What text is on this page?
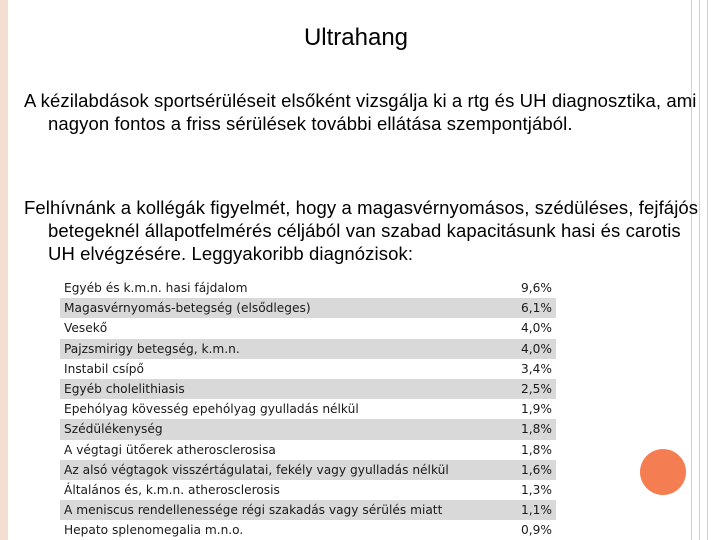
Ultrahang
A kézilabdások sportsérüléseit elsőként vizsgálja ki a rtg és UH diagnosztika, ami nagyon fontos a friss sérülések további ellátása szempontjából.
Felhívnánk a kollégák figyelmét, hogy a magasvérnyomásos, szédüléses, fejfájós betegeknél állapotfelmérés céljából van szabad kapacitásunk hasi és carotis UH elvégzésére. Leggyakoribb diagnózisok:
Egyéb és k.m.n. hasi fájdalom	9,6%
Magasvérnyomás-betegség (elsődleges)	6,1%
Vesekő	4,0%
Pajzsmirigy betegség, k.m.n.	4,0%
Instabil csípő	3,4%
Egyéb cholelithiasis	2,5%
Epehólyag kövesség epehólyag gyulladás nélkül	1,9%
Szédülékenység	1,8%
A végtagi ütőerek atherosclerosisa	1,8%
Az alsó végtagok visszértágulatai, fekély vagy gyulladás nélkül	1,6%
Általános és, k.m.n. atherosclerosis	1,3%
A meniscus rendellenessége régi szakadás vagy sérülés miatt	1,1%
Hepato splenomegalia m.n.o.	0,9%
